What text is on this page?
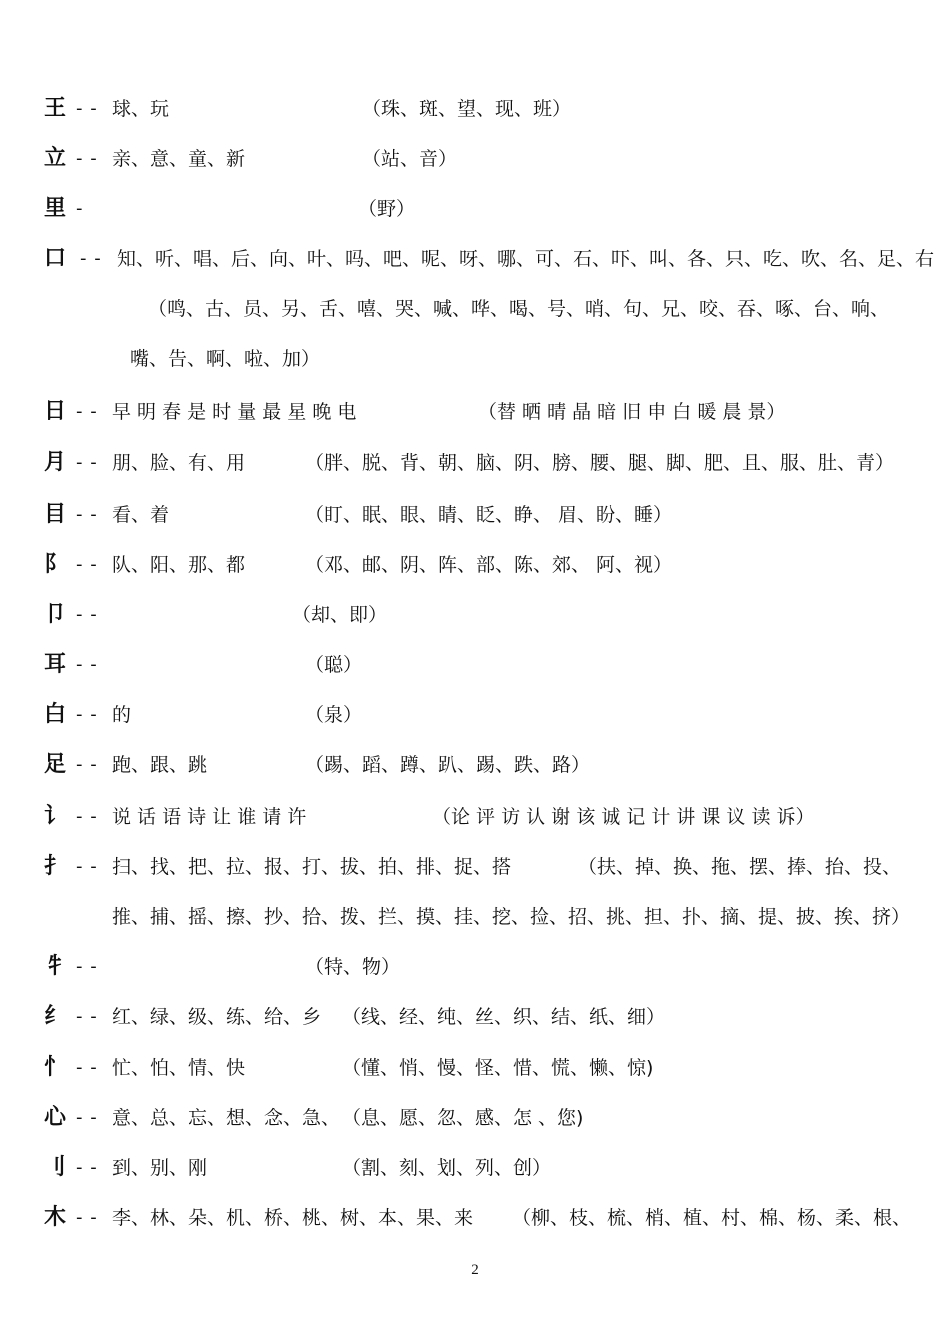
王 - - 球、玩	（珠、斑、望、现、班）
立 - - 亲、意、童、新	（站、音）
里 -	（野）
口 - - 知、听、唱、后、向、叶、吗、吧、呢、呀、哪、可、石、吓、叫、各、只、吃、吹、名、足、右
（鸣、古、员、另、舌、嘻、哭、喊、哗、喝、号、哨、句、兄、咬、吞、啄、台、响、
嘴、告、啊、啦、加）
日 - - 早 明 春 是 时 量 最 星 晚 电	（替 晒 晴 晶 暗 旧 申 白 暖 晨 景）
月 - - 朋、脸、有、用	（胖、脱、背、朝、脑、阴、膀、腰、腿、脚、肥、且、服、肚、青）
目 - - 看、着	（盯、眠、眼、睛、眨、睁、 眉、盼、睡）
阝 - - 队、阳、那、都	（邓、邮、阴、阵、部、陈、郊、 阿、视）
卩 - -	（却、即）
耳 - -	（聪）
白 - - 的	（泉）
足 - - 跑、跟、跳	（踢、蹈、蹲、趴、踢、跌、路）
讠 - - 说 话 语 诗 让 谁 请 许	（论 评 访 认 谢 该 诚 记 计 讲 课 议 读 诉）
扌 - - 扫、找、把、拉、报、打、拔、拍、排、捉、搭	（扶、掉、换、拖、摆、捧、抬、投、
推、捕、摇、擦、抄、拾、拨、拦、摸、挂、挖、捡、招、挑、担、扑、摘、提、披、挨、挤）
牜 - -	（特、物）
纟 - - 红、绿、级、练、给、乡 （线、经、纯、丝、织、结、纸、细）
忄 - - 忙、怕、情、快	（懂、悄、慢、怪、惜、慌、懒、惊)
心 - - 意、总、忘、想、念、急、 （息、愿、忽、感、怎 、您)
刂 - - 到、别、刚	（割、刻、划、列、创）
木 - - 李、林、朵、机、桥、桃、树、本、果、来 （柳、枝、梳、梢、植、村、棉、杨、柔、根、
2
